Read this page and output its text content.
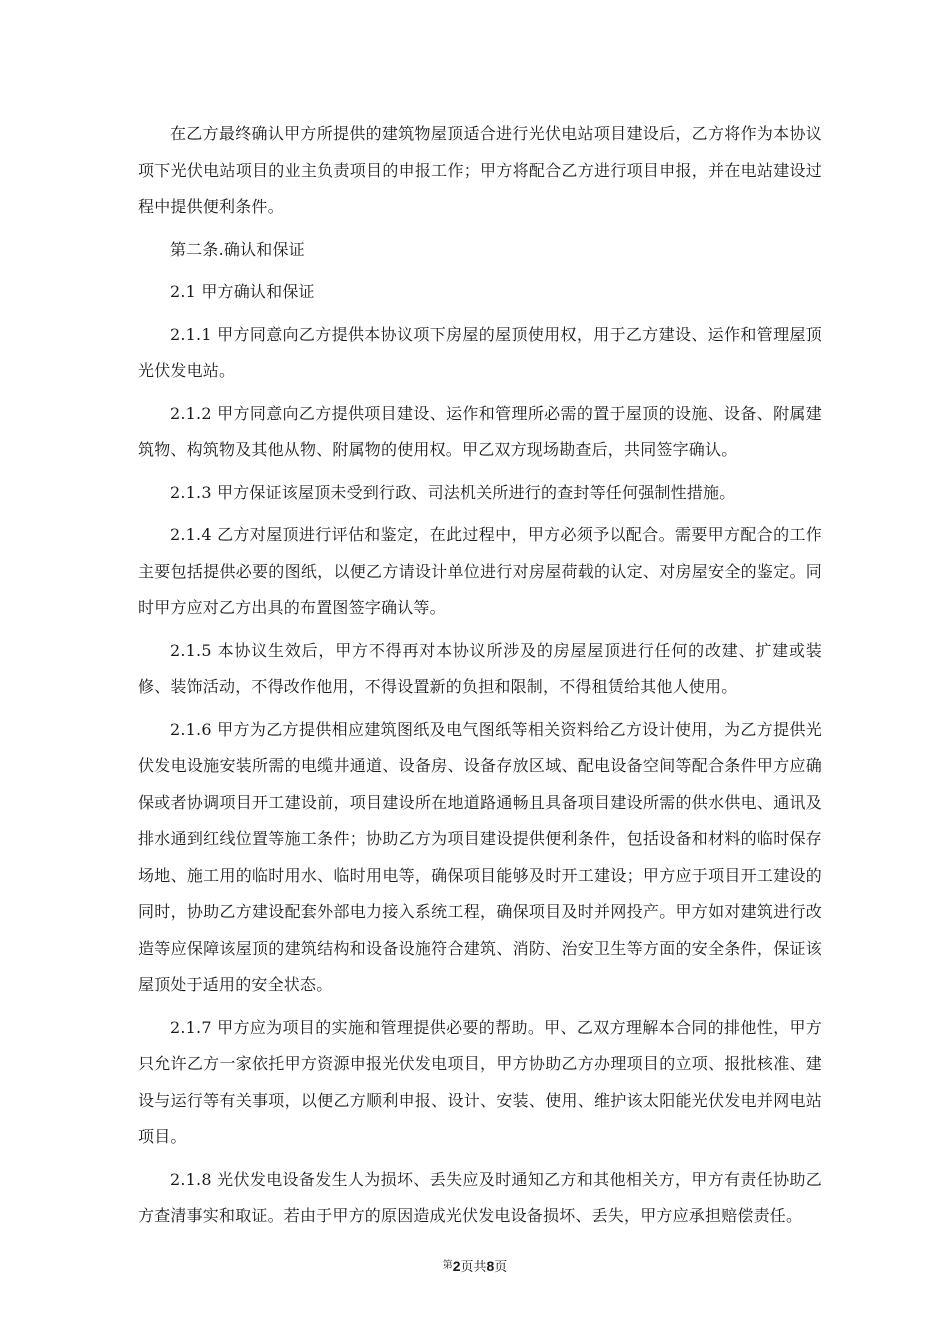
在乙方最终确认甲方所提供的建筑物屋顶适合进行光伏电站项目建设后，乙方将作为本协议项下光伏电站项目的业主负责项目的申报工作；甲方将配合乙方进行项目申报，并在电站建设过程中提供便利条件。

第二条.确认和保证

2.1 甲方确认和保证

2.1.1 甲方同意向乙方提供本协议项下房屋的屋顶使用权，用于乙方建设、运作和管理屋顶光伏发电站。

2.1.2 甲方同意向乙方提供项目建设、运作和管理所必需的置于屋顶的设施、设备、附属建筑物、构筑物及其他从物、附属物的使用权。甲乙双方现场勘查后，共同签字确认。

2.1.3 甲方保证该屋顶未受到行政、司法机关所进行的查封等任何强制性措施。

2.1.4 乙方对屋顶进行评估和鉴定，在此过程中，甲方必须予以配合。需要甲方配合的工作主要包括提供必要的图纸，以便乙方请设计单位进行对房屋荷载的认定、对房屋安全的鉴定。同时甲方应对乙方出具的布置图签字确认等。

2.1.5 本协议生效后，甲方不得再对本协议所涉及的房屋屋顶进行任何的改建、扩建或装修、装饰活动，不得改作他用，不得设置新的负担和限制，不得租赁给其他人使用。

2.1.6 甲方为乙方提供相应建筑图纸及电气图纸等相关资料给乙方设计使用，为乙方提供光伏发电设施安装所需的电缆井通道、设备房、设备存放区域、配电设备空间等配合条件甲方应确保或者协调项目开工建设前，项目建设所在地道路通畅且具备项目建设所需的供水供电、通讯及排水通到红线位置等施工条件；协助乙方为项目建设提供便利条件，包括设备和材料的临时保存场地、施工用的临时用水、临时用电等，确保项目能够及时开工建设；甲方应于项目开工建设的同时，协助乙方建设配套外部电力接入系统工程，确保项目及时并网投产。甲方如对建筑进行改造等应保障该屋顶的建筑结构和设备设施符合建筑、消防、治安卫生等方面的安全条件，保证该屋顶处于适用的安全状态。

2.1.7 甲方应为项目的实施和管理提供必要的帮助。甲、乙双方理解本合同的排他性，甲方只允许乙方一家依托甲方资源申报光伏发电项目，甲方协助乙方办理项目的立项、报批核准、建设与运行等有关事项，以便乙方顺利申报、设计、安装、使用、维护该太阳能光伏发电并网电站项目。

2.1.8 光伏发电设备发生人为损坏、丢失应及时通知乙方和其他相关方，甲方有责任协助乙方查清事实和取证。若由于甲方的原因造成光伏发电设备损坏、丢失，甲方应承担赔偿责任。

$^第$2页共8页
